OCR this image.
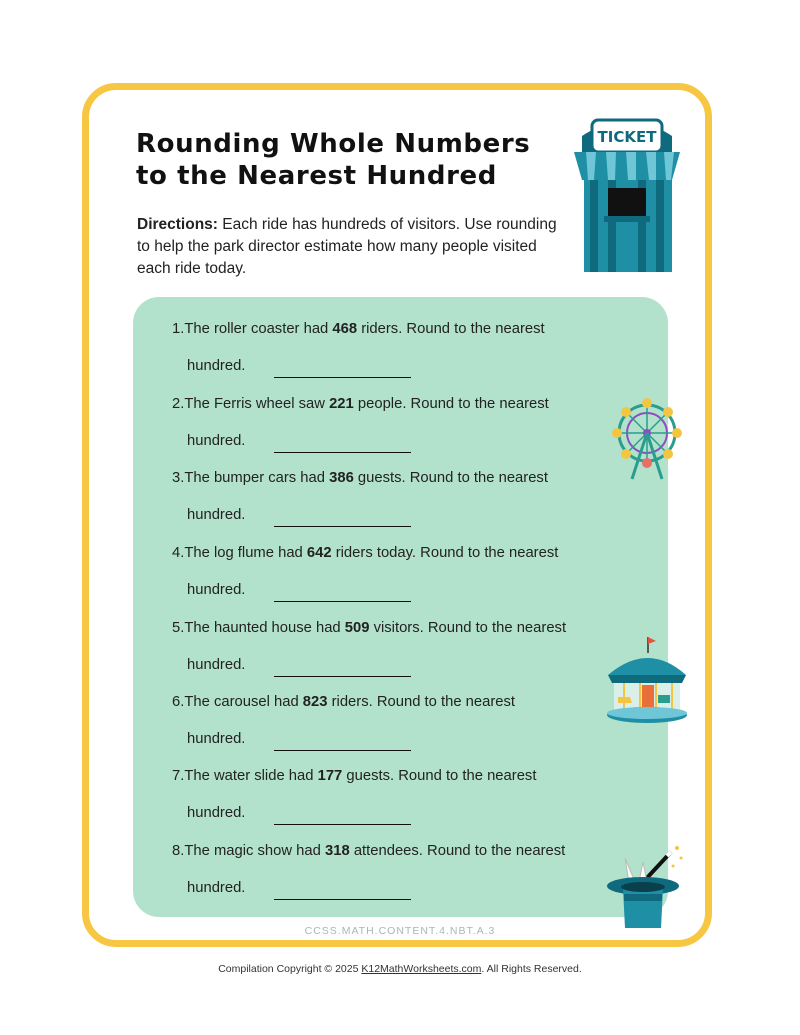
Rounding Whole Numbers
to the Nearest Hundred
Directions: Each ride has hundreds of visitors. Use rounding to help the park director estimate how many people visited each ride today.
TICKET
1.The roller coaster had 468 riders. Round to the nearest
hundred.
2.The Ferris wheel saw 221 people. Round to the nearest
hundred.
3.The bumper cars had 386 guests. Round to the nearest
hundred.
4.The log flume had 642 riders today. Round to the nearest
hundred.
5.The haunted house had 509 visitors. Round to the nearest
hundred.
6.The carousel had 823 riders. Round to the nearest
hundred.
7.The water slide had 177 guests. Round to the nearest
hundred.
8.The magic show had 318 attendees. Round to the nearest
hundred.
CCSS.MATH.CONTENT.4.NBT.A.3
Compilation Copyright © 2025 K12MathWorksheets.com. All Rights Reserved.
